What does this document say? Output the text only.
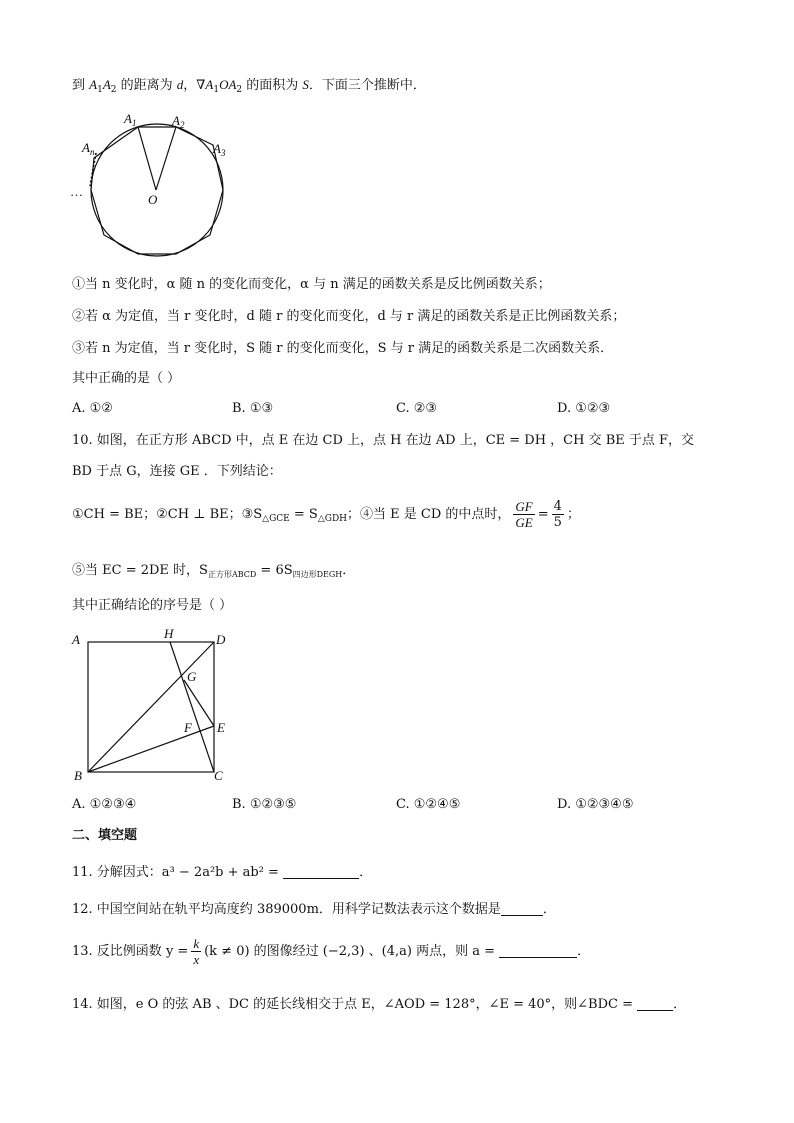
到 $A_1A_2$ 的距离为 d，$\nabla A_1OA_2$ 的面积为 S．下面三个推断中．
$A_1$	$A_2$
$A_n$	$A_3$
O
…
①当 n 变化时，α 随 n 的变化而变化，α 与 n 满足的函数关系是反比例函数关系；
②若 α 为定值，当 r 变化时，d 随 r 的变化而变化，d 与 r 满足的函数关系是正比例函数关系；
③若 n 为定值，当 r 变化时，S 随 r 的变化而变化，S 与 r 满足的函数关系是二次函数关系．
其中正确的是（ ）
A. ①②	B. ①③	C. ②③	D. ①②③
10. 如图，在正方形 ABCD 中，点 E 在边 CD 上，点 H 在边 AD 上，CE = DH ，CH 交 BE 于点 F，交
BD 于点 G，连接 GE ．下列结论：
①CH = BE；②CH ⊥ BE；$③S_{\triangle GCE} = S_{\triangle GDH}$；④当 E 是 CD 的中点时， $\frac{GF}{GE} = \frac{4}{5}$ ；
⑤当 EC = 2DE 时，$S_{正方形ABCD} = 6S_{四边形DEGH}$．
其中正确结论的序号是（ ）
A	H	D
G
F E
B	C
A. ①②③④	B. ①②③⑤	C. ①②④⑤	D. ①②③④⑤
二、填空题
11. 分解因式：a³ − 2a²b + ab² =	．
12. 中国空间站在轨平均高度约 389000m．用科学记数法表示这个数据是	．
13. 反比例函数 $y = \frac{k}{x} (k \ne 0)$ 的图像经过 (−2,3) 、(4,a) 两点，则 a =	．
14. 如图，e O 的弦 AB 、DC 的延长线相交于点 E，∠AOD = 128°，∠E = 40°，则∠BDC =	．
